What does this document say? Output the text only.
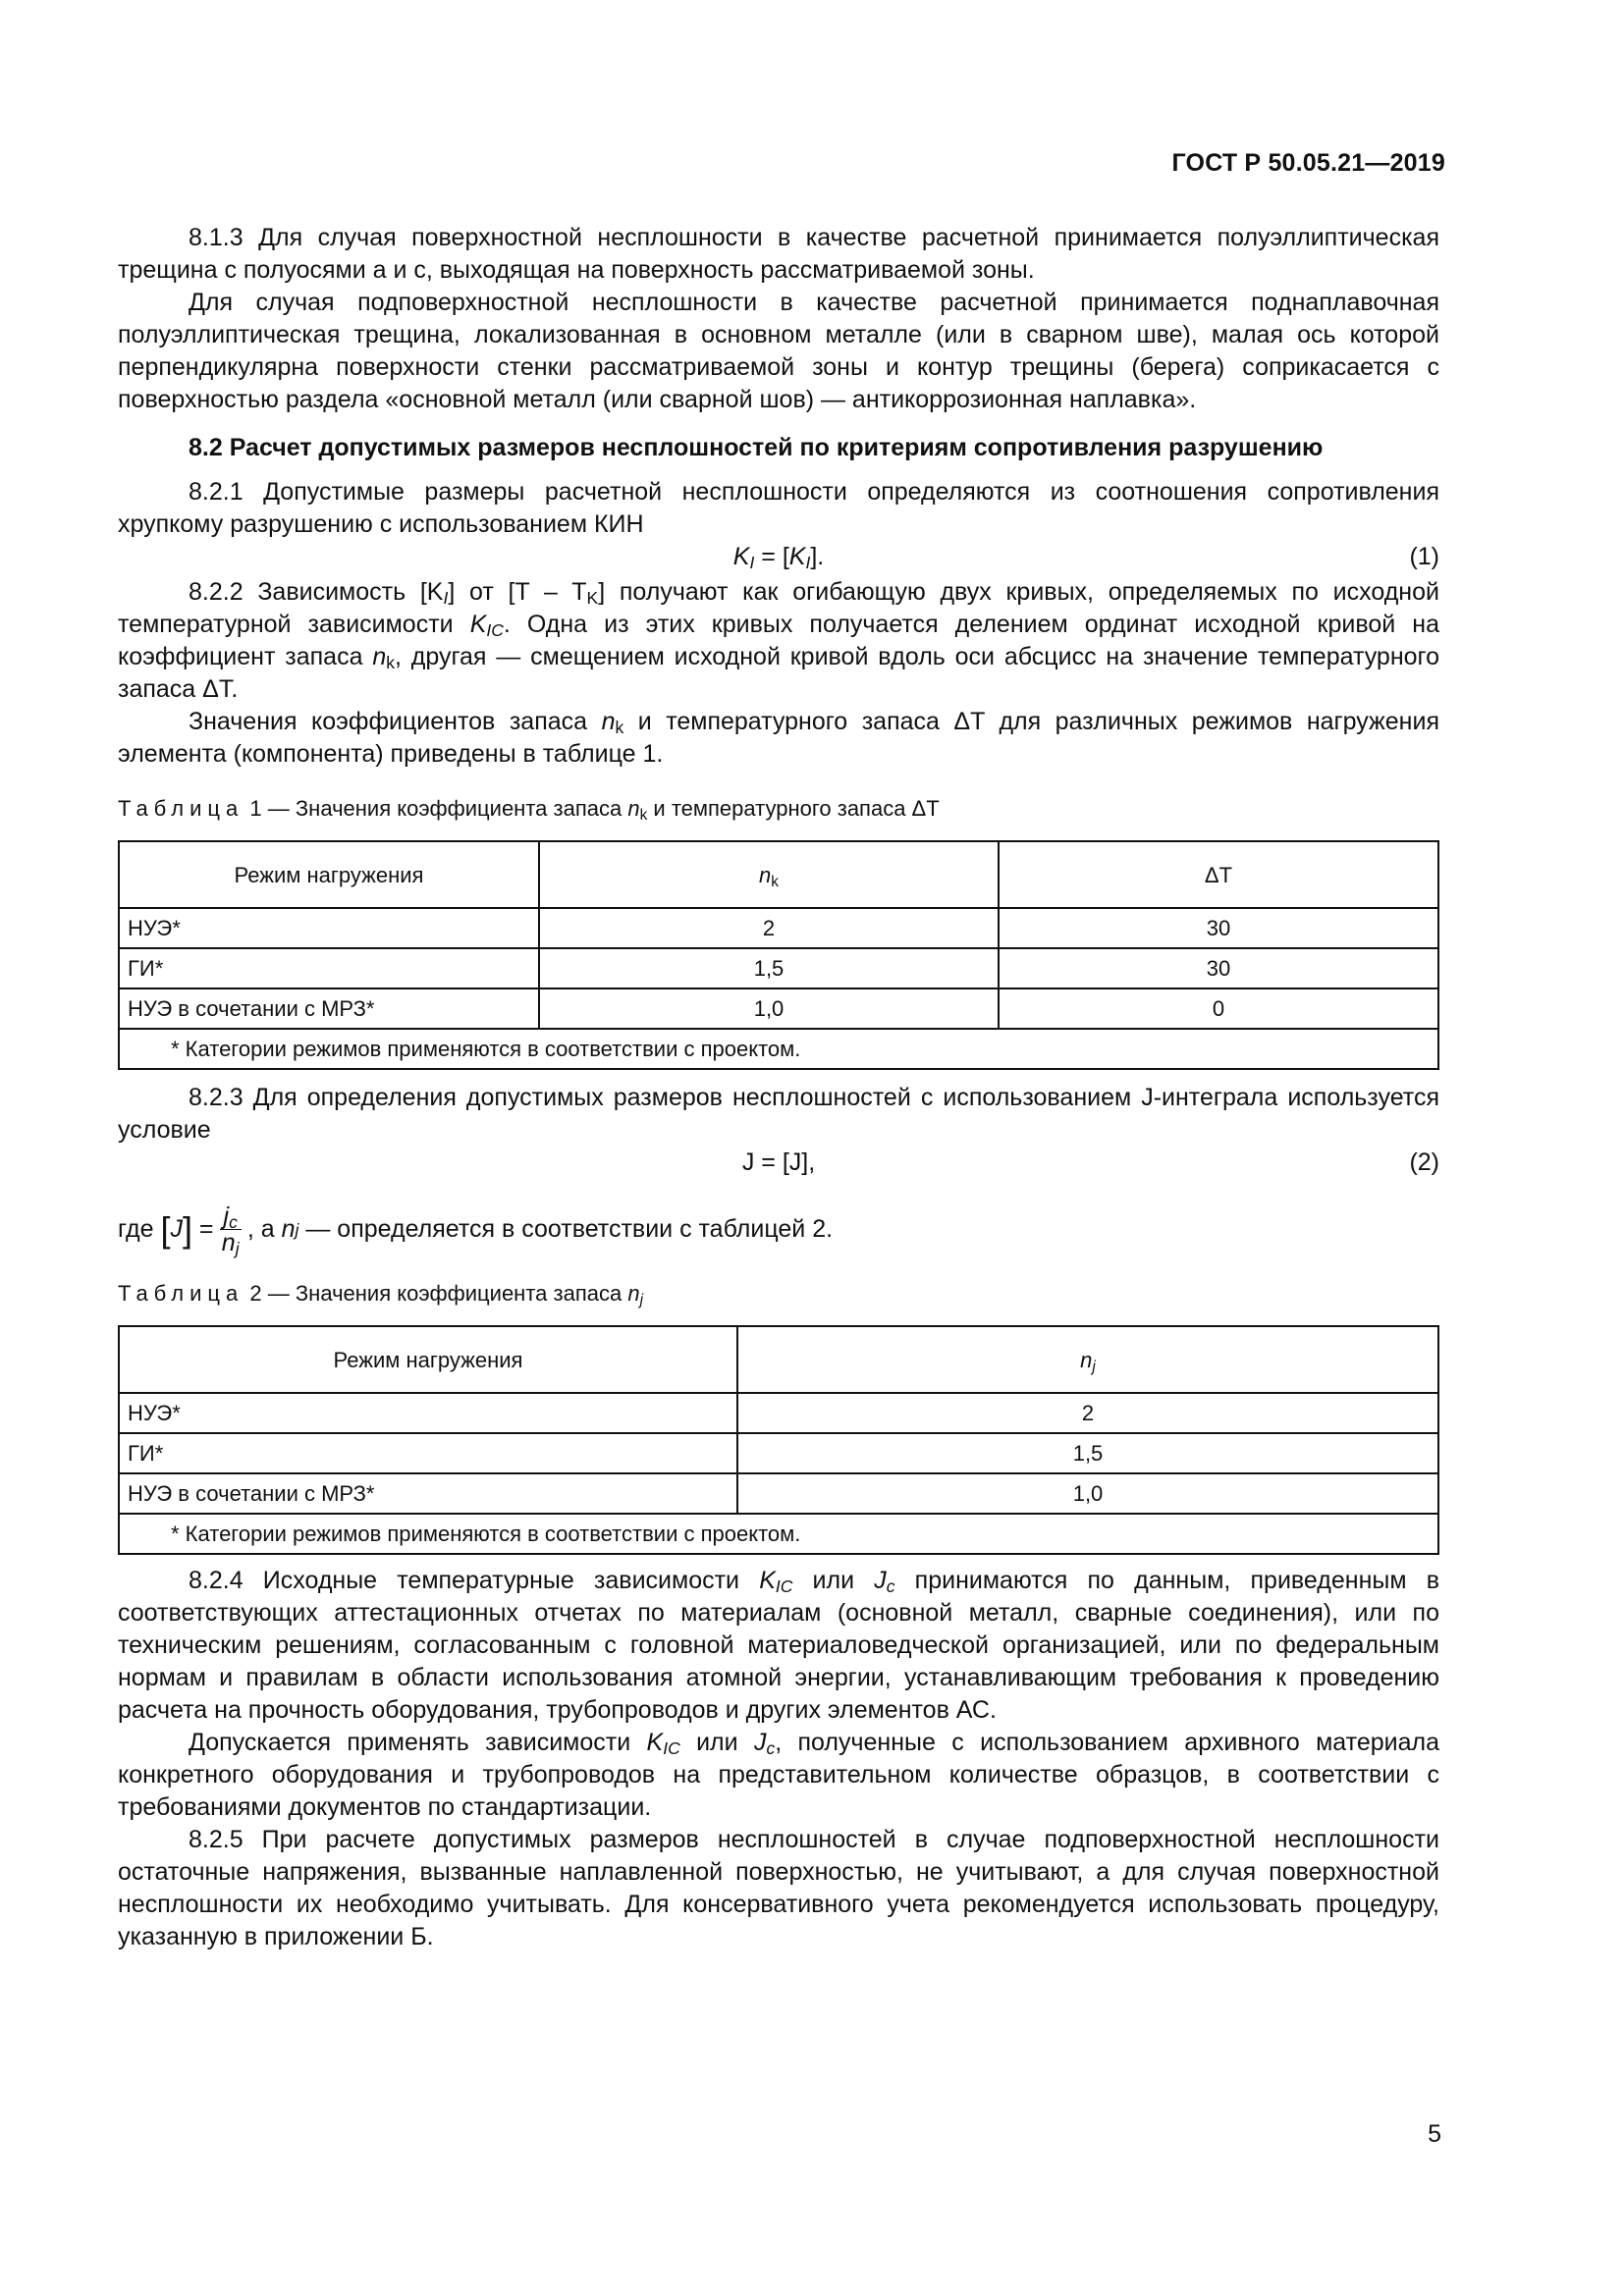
ГОСТ Р 50.05.21—2019

8.1.3 Для случая поверхностной несплошности в качестве расчетной принимается полуэллиптическая трещина с полуосями a и c, выходящая на поверхность рассматриваемой зоны.

Для случая подповерхностной несплошности в качестве расчетной принимается поднаплавочная полуэллиптическая трещина, локализованная в основном металле (или в сварном шве), малая ось которой перпендикулярна поверхности стенки рассматриваемой зоны и контур трещины (берега) соприкасается с поверхностью раздела «основной металл (или сварной шов) — антикоррозионная наплавка».

8.2 Расчет допустимых размеров несплошностей по критериям сопротивления разрушению

8.2.1 Допустимые размеры расчетной несплошности определяются из соотношения сопротивления хрупкому разрушению с использованием КИН

$K_I = [K_I]$.	(1)

8.2.2 Зависимость $[K_I]$ от $[T - T_K]$ получают как огибающую двух кривых, определяемых по исходной температурной зависимости $K_{IC}$. Одна из этих кривых получается делением ординат исходной кривой на коэффициент запаса $n_k$, другая — смещением исходной кривой вдоль оси абсцисс на значение температурного запаса ΔT.

Значения коэффициентов запаса $n_k$ и температурного запаса ΔT для различных режимов нагружения элемента (компонента) приведены в таблице 1.

Таблица 1 — Значения коэффициента запаса $n_k$ и температурного запаса ΔT
Режим нагружения	$n_k$	ΔT
НУЭ*	2	30
ГИ*	1,5	30
НУЭ в сочетании с МРЗ*	1,0	0
* Категории режимов применяются в соответствии с проектом.		

8.2.3 Для определения допустимых размеров несплошностей с использованием J-интеграла используется условие

J = [J],	(2)
где
[ J ] = $\frac{j_c}{n_j}$ , а
n j
— определяется в соответствии с таблицей 2.
Таблица 2 — Значения коэффициента запаса $n_j$
Режим нагружения	$n_j$
НУЭ*	2
ГИ*	1,5
НУЭ в сочетании с МРЗ*	1,0
* Категории режимов применяются в соответствии с проектом.	

8.2.4 Исходные температурные зависимости $K_{IC}$ или $J_c$ принимаются по данным, приведенным в соответствующих аттестационных отчетах по материалам (основной металл, сварные соединения), или по техническим решениям, согласованным с головной материаловедческой организацией, или по федеральным нормам и правилам в области использования атомной энергии, устанавливающим требования к проведению расчета на прочность оборудования, трубопроводов и других элементов АС.

Допускается применять зависимости $K_{IC}$ или $J_c$, полученные с использованием архивного материала конкретного оборудования и трубопроводов на представительном количестве образцов, в соответствии с требованиями документов по стандартизации.

8.2.5 При расчете допустимых размеров несплошностей в случае подповерхностной несплошности остаточные напряжения, вызванные наплавленной поверхностью, не учитывают, а для случая поверхностной несплошности их необходимо учитывать. Для консервативного учета рекомендуется использовать процедуру, указанную в приложении Б.

5
